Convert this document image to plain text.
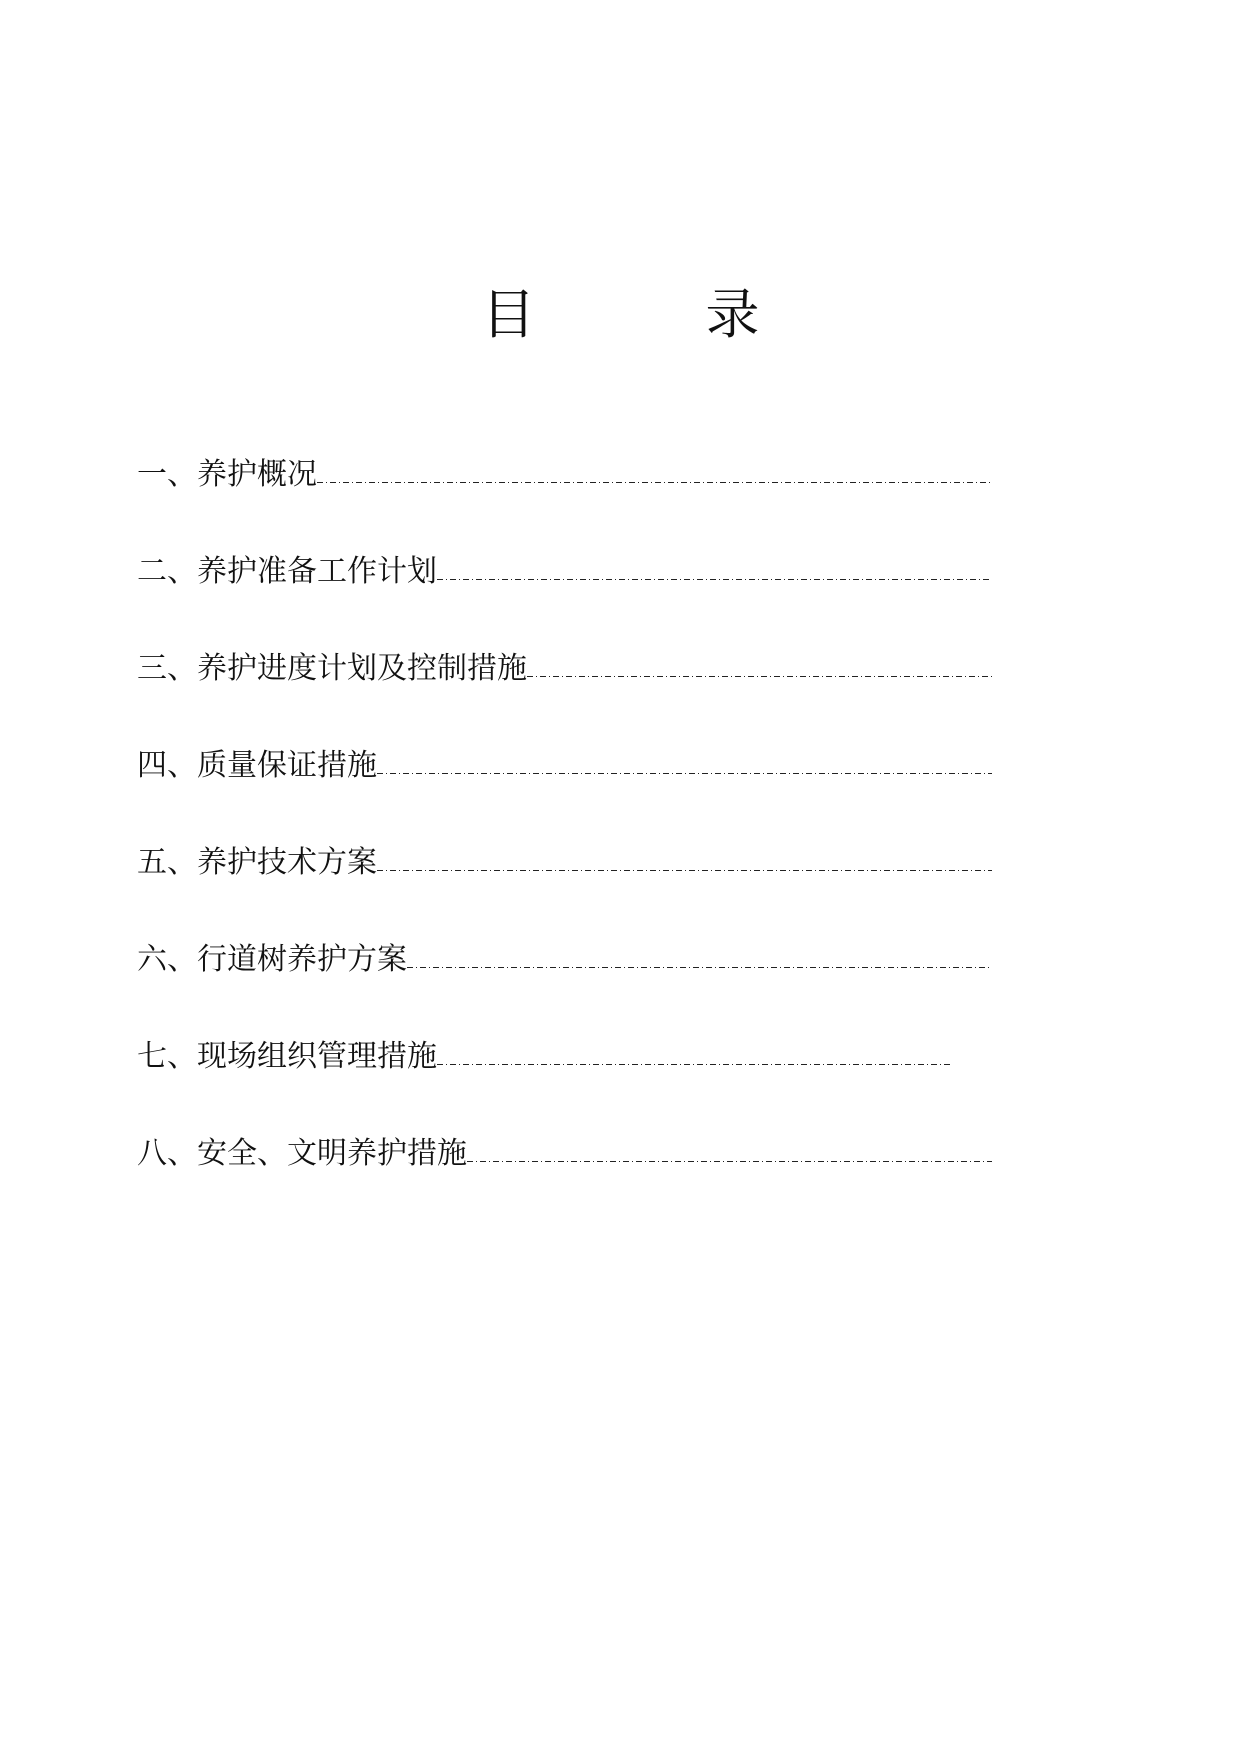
目　录
一、养护概况
二、养护准备工作计划
三、养护进度计划及控制措施
四、质量保证措施
五、养护技术方案
六、行道树养护方案
七、现场组织管理措施
八、安全、文明养护措施
